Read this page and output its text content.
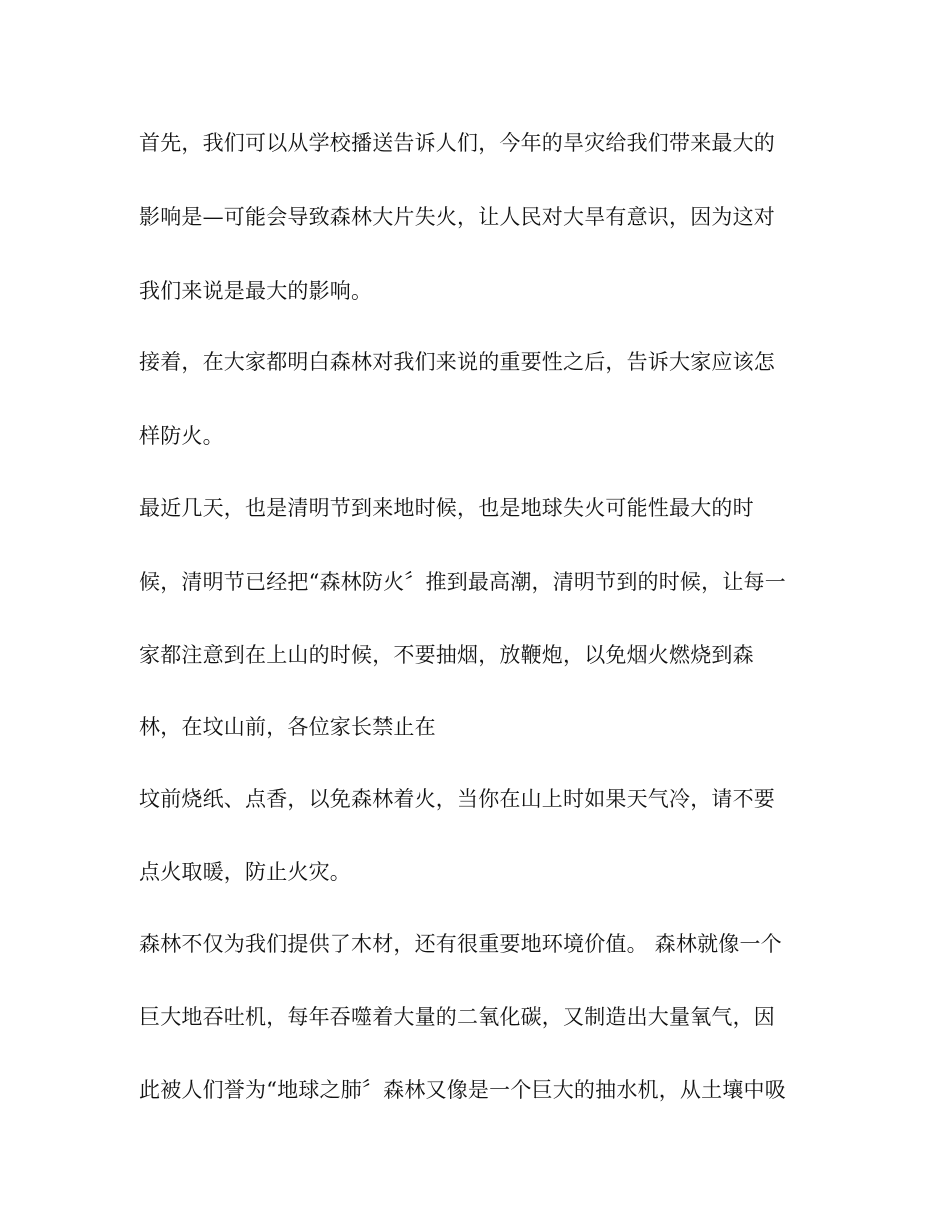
首先，我们可以从学校播送告诉人们，今年的旱灾给我们带来最大的
影响是—可能会导致森林大片失火，让人民对大旱有意识，因为这对
我们来说是最大的影响。
接着，在大家都明白森林对我们来说的重要性之后，告诉大家应该怎
样防火。
最近几天，也是清明节到来地时候，也是地球失火可能性最大的时
候，清明节已经把“森林防火〞推到最高潮，清明节到的时候，让每一
家都注意到在上山的时候，不要抽烟，放鞭炮，以免烟火燃烧到森
林，在坟山前，各位家长禁止在
坟前烧纸、点香，以免森林着火，当你在山上时如果天气冷，请不要
点火取暖，防止火灾。
森林不仅为我们提供了木材，还有很重要地环境价值。 森林就像一个
巨大地吞吐机，每年吞噬着大量的二氧化碳，又制造出大量氧气，因
此被人们誉为“地球之肺〞森林又像是一个巨大的抽水机，从土壤中吸
